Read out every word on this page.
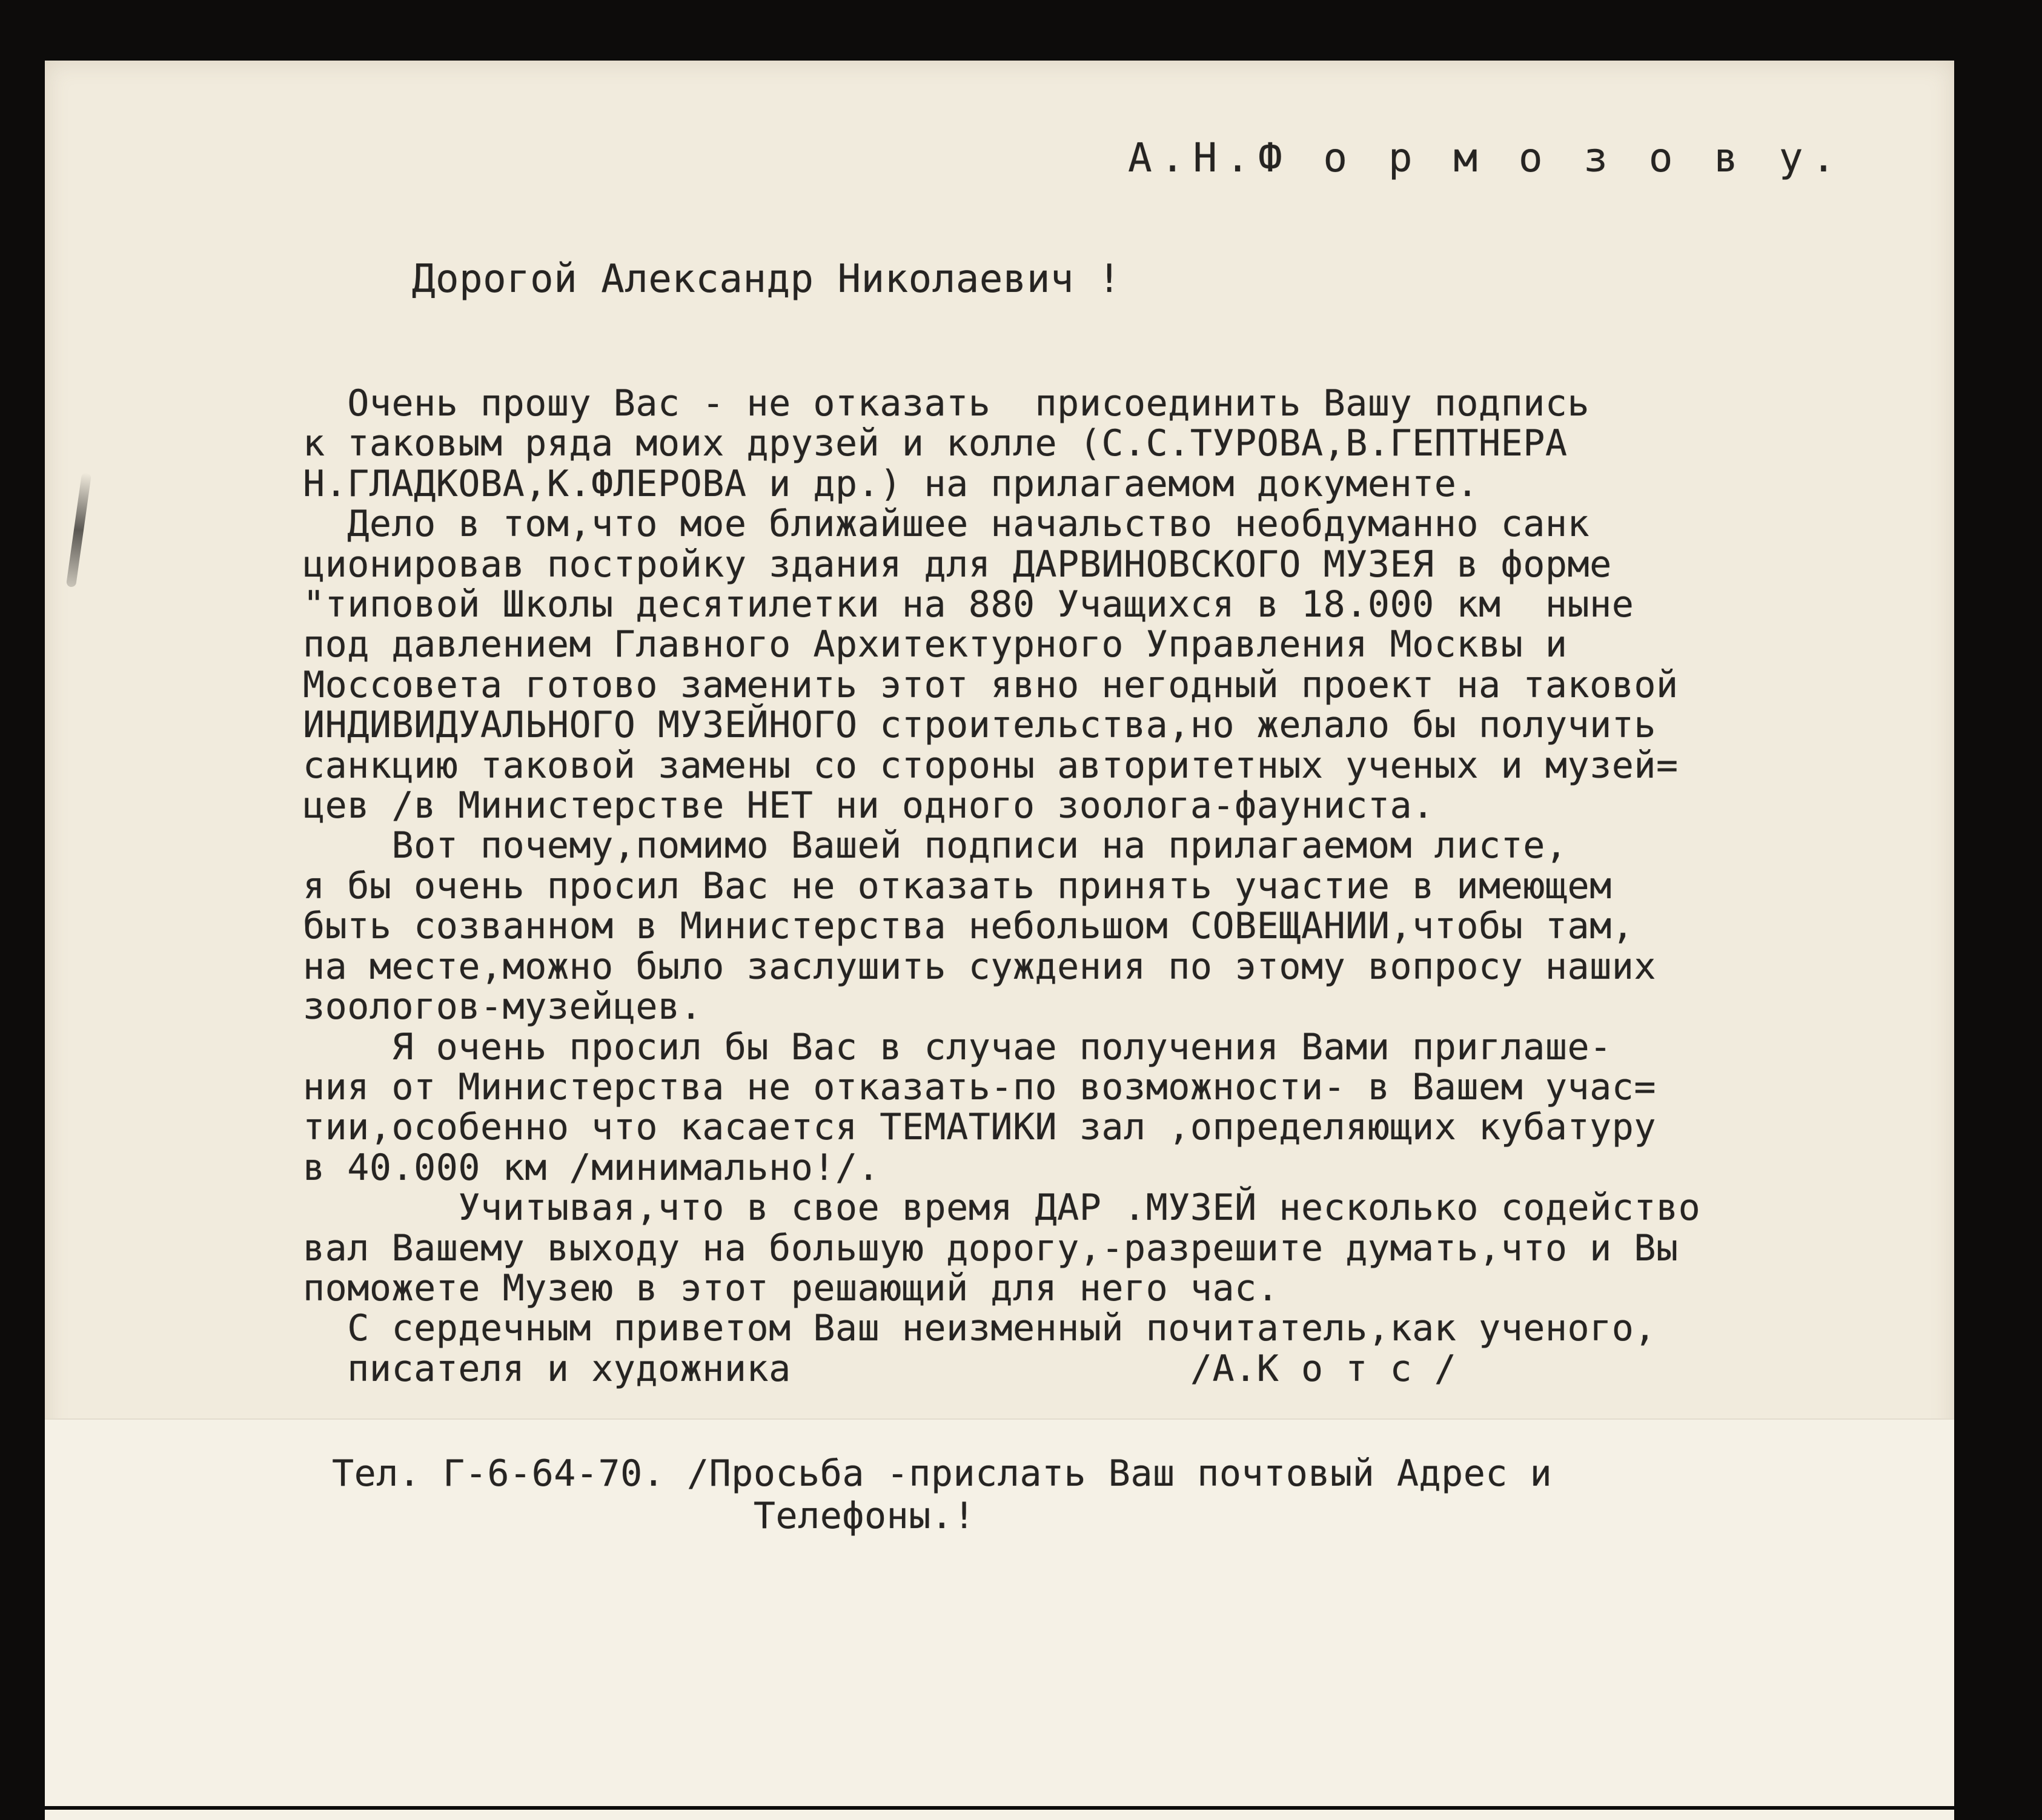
А.Н.Ф о р м о з о в у.
Дорогой Александр Николаевич !
Очень прошу Вас - не отказать  присоединить Вашу подпись
к таковым ряда моих друзей и колле (С.С.ТУРОВА,В.ГЕПТНЕРА
Н.ГЛАДКОВА,К.ФЛЕРОВА и др.) на прилагаемом документе.
Дело в том,что мое ближайшее начальство необдуманно санк
ционировав постройку здания для ДАРВИНОВСКОГО МУЗЕЯ в форме
"типовой Школы десятилетки на 880 Учащихся в 18.000 км  ныне
под давлением Главного Архитектурного Управления Москвы и
Моссовета готово заменить этот явно негодный проект на таковой
ИНДИВИДУАЛЬНОГО МУЗЕЙНОГО строительства,но желало бы получить
санкцию таковой замены со стороны авторитетных ученых и музей=
цев /в Министерстве НЕТ ни одного зоолога-фауниста.
Вот почему,помимо Вашей подписи на прилагаемом листе,
я бы очень просил Вас не отказать принять участие в имеющем
быть созванном в Министерства небольшом СОВЕЩАНИИ,чтобы там,
на месте,можно было заслушить суждения по этому вопросу наших
зоологов-музейцев.
Я очень просил бы Вас в случае получения Вами приглаше-
ния от Министерства не отказать-по возможности- в Вашем учас=
тии,особенно что касается ТЕМАТИКИ зал ,определяющих кубатуру
в 40.000 км /минимально!/.
Учитывая,что в свое время ДАР .МУЗЕЙ несколько содейство
вал Вашему выходу на большую дорогу,-разрешите думать,что и Вы
поможете Музею в этот решающий для него час.
С сердечным приветом Ваш неизменный почитатель,как ученого,
писателя и художника                  /А.К о т с /
Тел. Г-6-64-70. /Просьба -прислать Ваш почтовый Адрес и
Телефоны.!
